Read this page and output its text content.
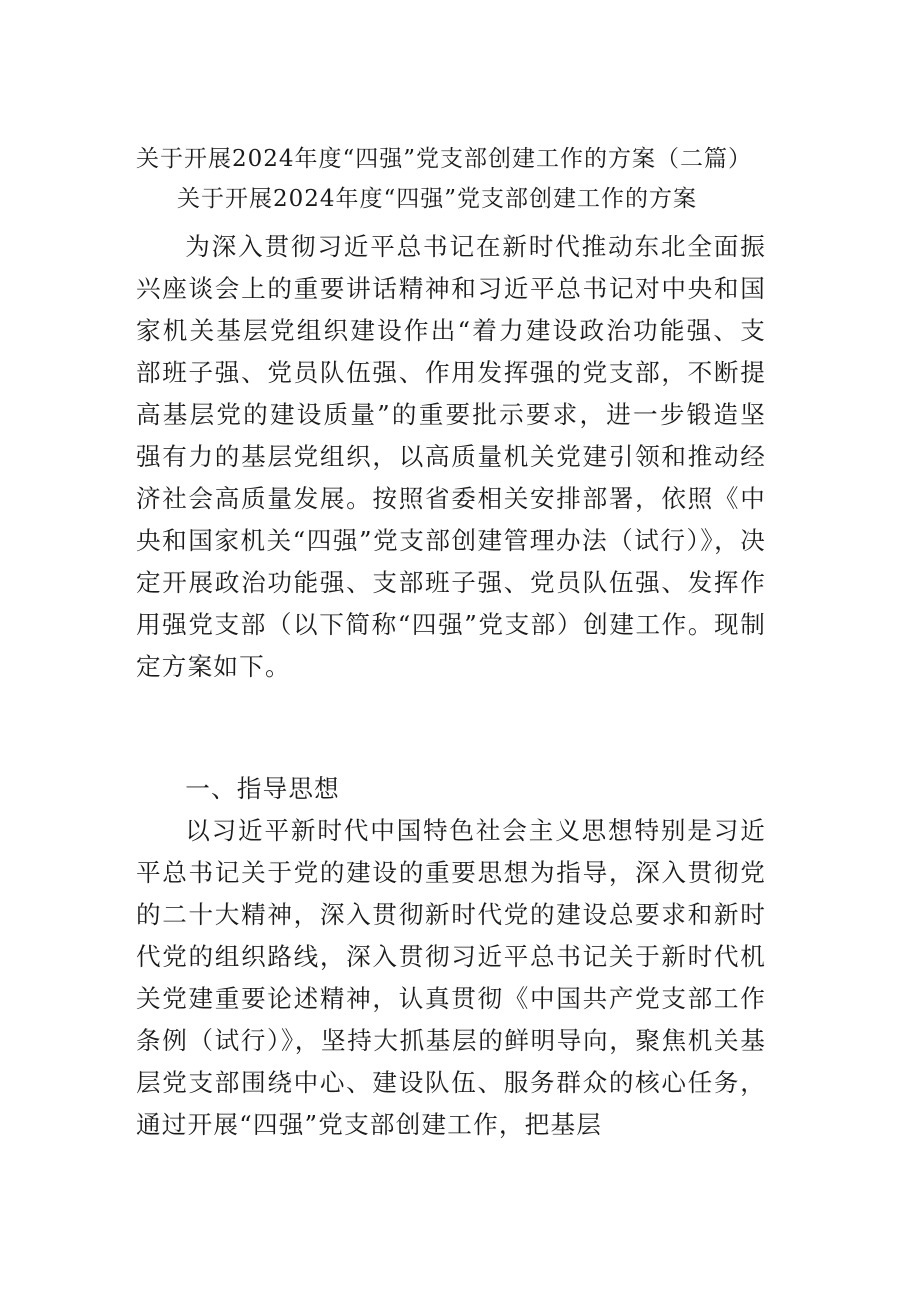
关于开展2024年度“四强”党支部创建工作的方案（二篇）
关于开展2024年度“四强”党支部创建工作的方案

为深入贯彻习近平总书记在新时代推动东北全面振兴座谈会上的重要讲话精神和习近平总书记对中央和国家机关基层党组织建设作出“着力建设政治功能强、支部班子强、党员队伍强、作用发挥强的党支部，不断提高基层党的建设质量”的重要批示要求，进一步锻造坚强有力的基层党组织，以高质量机关党建引领和推动经济社会高质量发展。按照省委相关安排部署，依照《中央和国家机关“四强”党支部创建管理办法（试行）》，决定开展政治功能强、支部班子强、党员队伍强、发挥作用强党支部（以下简称“四强”党支部）创建工作。现制定方案如下。

一、指导思想

以习近平新时代中国特色社会主义思想特别是习近平总书记关于党的建设的重要思想为指导，深入贯彻党的二十大精神，深入贯彻新时代党的建设总要求和新时代党的组织路线，深入贯彻习近平总书记关于新时代机关党建重要论述精神，认真贯彻《中国共产党支部工作条例（试行）》，坚持大抓基层的鲜明导向，聚焦机关基层党支部围绕中心、建设队伍、服务群众的核心任务，通过开展“四强”党支部创建工作，把基层
